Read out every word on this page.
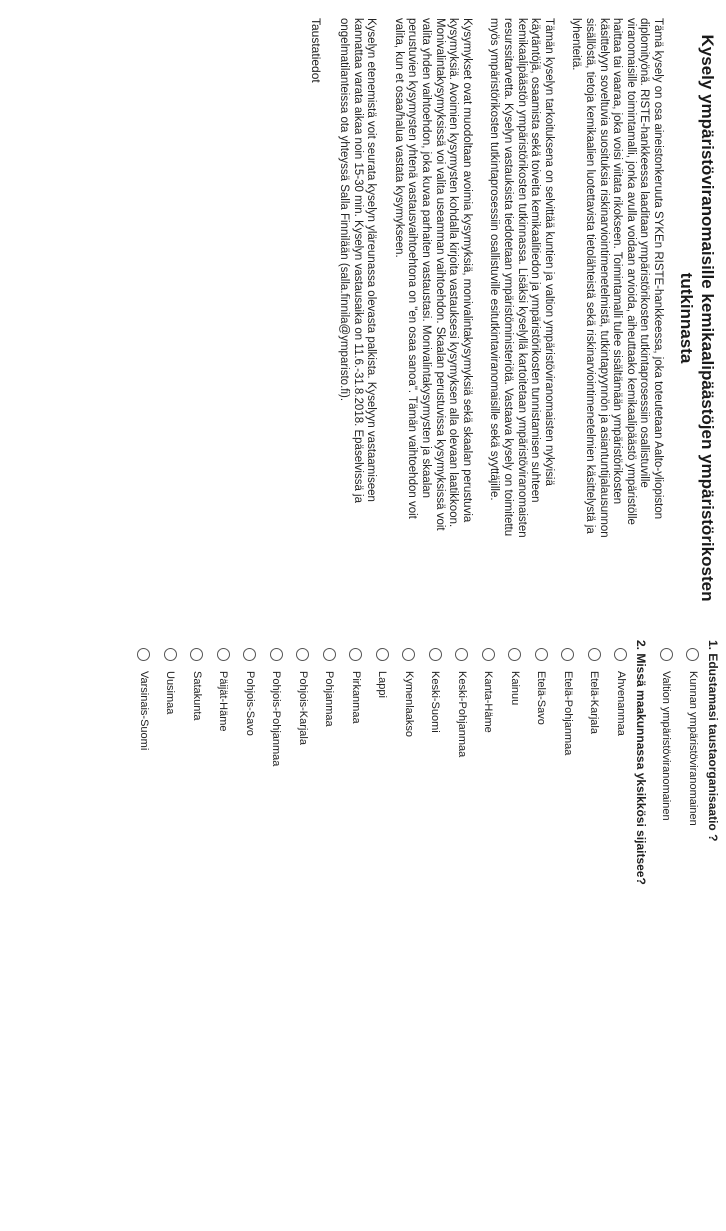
Kysely ympäristöviranomaisille kemikaalipäästöjen ympäristörikosten tutkinnasta

Tämä kysely on osa aineistonkeruuta SYKEn RISTE-hankkeessa, joka toteutetaan Aalto-yliopiston diplomityönä. RISTE-hankkeessa laaditaan ympäristörikosten tutkintaprosessiin osallistuville viranomaisille toimintamalli, jonka avulla voidaan arvioida, aiheuttaako kemikaalipäästö ympäristölle haittaa tai vaaraa, joka voisi viitata rikokseen. Toimintamalli tulee sisältämään ympäristörikosten käsittelyyn soveltuvia suosituksia riskinarviointimenetelmistä, tutkintapyynnön ja asiantuntijalausunnon sisällöstä, tietoja kemikaalien luotettavista tietolähteistä sekä riskinarviointimenetelmien käsittelystä ja lyhenteitä.

Tämän kyselyn tarkoituksena on selvittää kuntien ja valtion ympäristöviranomaisten nykyisiä käytäntöjä, osaamista sekä toiveita kemikaalitiedon ja ympäristörikosten tunnistamisen suhteen kemikaalipäästön ympäristörikosten tutkinnassa. Lisäksi kyselyllä kartoitetaan ympäristöviranomaisten resurssitarvetta. Kyselyn vastauksista tiedotetaan ympäristöministeriötä. Vastaava kysely on toimitettu myös ympäristörikosten tutkintaprosessiin osallistuville esitutkintaviranomaisille sekä syyttäjille.

Kysymykset ovat muodoltaan avoimia kysymyksiä, monivalintakysymyksiä sekä skaalan perustuvia kysymyksiä. Avoimien kysymysten kohdalla kirjoita vastauksesi kysymyksen alla olevaan laatikkoon. Monivalintakysymyksissä voi valita useamman vaihtoehdon. Skaalan perustuvissa kysymyksissä voit valita yhden vaihtoehdon, joka kuvaa parhaiten vastaustasi. Monivalintakysymysten ja skaalan perustuvien kysymysten yhtenä vastausvaihtoehtona on "en osaa sanoa". Tämän vaihtoehdon voit valita, kun et osaa/halua vastata kysymykseen.

Kyselyn etenemistä voit seurata kyselyn yläreunassa olevasta palkista. Kyselyyn vastaamiseen kannattaa varata aikaa noin 15-30 min. Kyselyn vastausaika on 11.6.-31.8.2018. Epäselvissä ja ongelmatilanteissa ota yhteyssä Salla Finnilään (salla.finnila@ymparisto.fi).

Taustatiedot
1. Edustamasi taustaorganisaatio ?
Kunnan ympäristöviranomainen
Valtion ympäristöviranomainen
2. Missä maakunnassa yksikkösi sijaitsee?
Ahvenanmaa
Etelä-Karjala
Etelä-Pohjanmaa
Etelä-Savo
Kainuu
Kanta-Häme
Keski-Pohjanmaa
Keski-Suomi
Kymenlaakso
Lappi
Pirkanmaa
Pohjanmaa
Pohjois-Karjala
Pohjois-Pohjanmaa
Pohjois-Savo
Päijät-Häme
Satakunta
Uusimaa
Varsinais-Suomi
